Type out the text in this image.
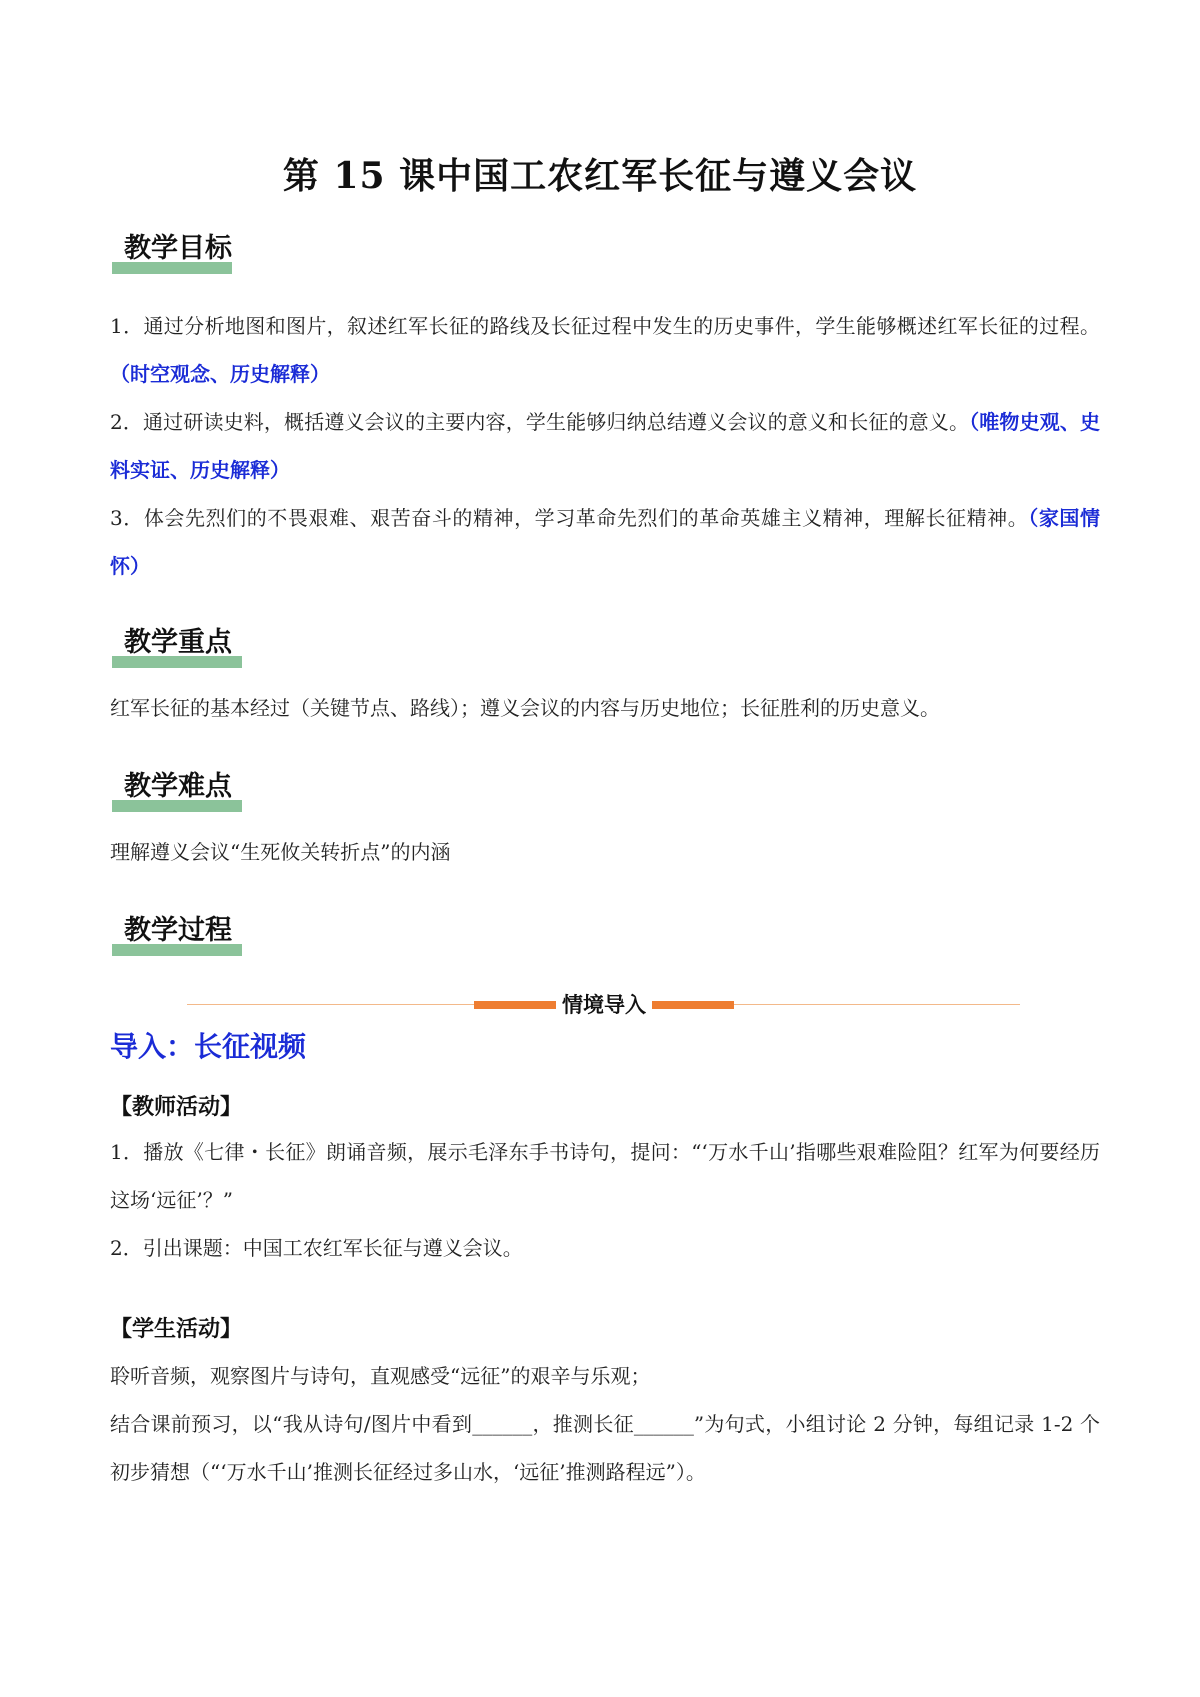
第 15 课中国工农红军长征与遵义会议
教学目标
1．通过分析地图和图片，叙述红军长征的路线及长征过程中发生的历史事件，学生能够概述红军长征的过程。（时空观念、历史解释）
2．通过研读史料，概括遵义会议的主要内容，学生能够归纳总结遵义会议的意义和长征的意义。（唯物史观、史料实证、历史解释）
3．体会先烈们的不畏艰难、艰苦奋斗的精神，学习革命先烈们的革命英雄主义精神，理解长征精神。（家国情怀）
教学重点
红军长征的基本经过（关键节点、路线）；遵义会议的内容与历史地位；长征胜利的历史意义。
教学难点
理解遵义会议“生死攸关转折点”的内涵
教学过程
情境导入
导入：长征视频
【教师活动】
1．播放《七律・长征》朗诵音频，展示毛泽东手书诗句，提问：“‘万水千山’指哪些艰难险阻？红军为何要经历这场‘远征’？”
2．引出课题：中国工农红军长征与遵义会议。
【学生活动】
聆听音频，观察图片与诗句，直观感受“远征”的艰辛与乐观；
结合课前预习，以“我从诗句/图片中看到______，推测长征______”为句式，小组讨论 2 分钟，每组记录 1-2 个初步猜想（“‘万水千山’推测长征经过多山水，‘远征’推测路程远”）。
